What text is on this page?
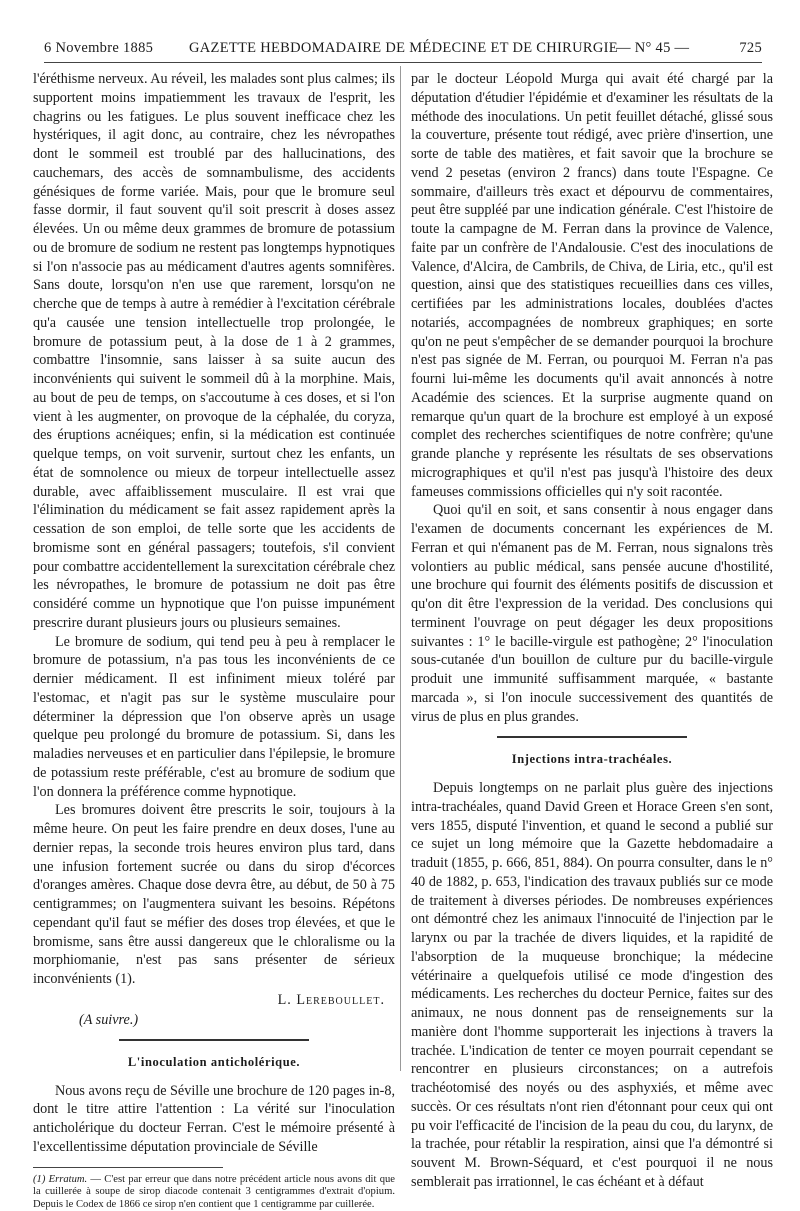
6 Novembre 1885 GAZETTE HEBDOMADAIRE DE MÉDECINE ET DE CHIRURGIE
— N° 45 —	725

l'éréthisme nerveux. Au réveil, les malades sont plus calmes; ils supportent moins impatiemment les travaux de l'esprit, les chagrins ou les fatigues. Le plus souvent inefficace chez les hystériques, il agit donc, au contraire, chez les névropathes dont le sommeil est troublé par des hallucinations, des cauchemars, des accès de somnambulisme, des accidents génésiques de forme variée. Mais, pour que le bromure seul fasse dormir, il faut souvent qu'il soit prescrit à doses assez élevées. Un ou même deux grammes de bromure de potassium ou de bromure de sodium ne restent pas longtemps hypnotiques si l'on n'associe pas au médicament d'autres agents somnifères. Sans doute, lorsqu'on n'en use que rarement, lorsqu'on ne cherche que de temps à autre à remédier à l'excitation cérébrale qu'a causée une tension intellectuelle trop prolongée, le bromure de potassium peut, à la dose de 1 à 2 grammes, combattre l'insomnie, sans laisser à sa suite aucun des inconvénients qui suivent le sommeil dû à la morphine. Mais, au bout de peu de temps, on s'accoutume à ces doses, et si l'on vient à les augmenter, on provoque de la céphalée, du coryza, des éruptions acnéiques; enfin, si la médication est continuée quelque temps, on voit survenir, surtout chez les enfants, un état de somnolence ou mieux de torpeur intellectuelle assez durable, avec affaiblissement musculaire. Il est vrai que l'élimination du médicament se fait assez rapidement après la cessation de son emploi, de telle sorte que les accidents de bromisme sont en général passagers; toutefois, s'il convient pour combattre accidentellement la surexcitation cérébrale chez les névropathes, le bromure de potassium ne doit pas être considéré comme un hypnotique que l'on puisse impunément prescrire durant plusieurs jours ou plusieurs semaines.

Le bromure de sodium, qui tend peu à peu à remplacer le bromure de potassium, n'a pas tous les inconvénients de ce dernier médicament. Il est infiniment mieux toléré par l'estomac, et n'agit pas sur le système musculaire pour déterminer la dépression que l'on observe après un usage quelque peu prolongé du bromure de potassium. Si, dans les maladies nerveuses et en particulier dans l'épilepsie, le bromure de potassium reste préférable, c'est au bromure de sodium que l'on donnera la préférence comme hypnotique.

Les bromures doivent être prescrits le soir, toujours à la même heure. On peut les faire prendre en deux doses, l'une au dernier repas, la seconde trois heures environ plus tard, dans une infusion fortement sucrée ou dans du sirop d'écorces d'oranges amères. Chaque dose devra être, au début, de 50 à 75 centigrammes; on l'augmentera suivant les besoins. Répétons cependant qu'il faut se méfier des doses trop élevées, et que le bromisme, sans être aussi dangereux que le chloralisme ou la morphiomanie, n'est pas sans présenter de sérieux inconvénients (1).

L. Lereboullet.
(A suivre.)
L'inoculation anticholérique.

Nous avons reçu de Séville une brochure de 120 pages in-8, dont le titre attire l'attention : La vérité sur l'inoculation anticholérique du docteur Ferran. C'est le mémoire présenté à l'excellentissime députation provinciale de Séville

(1) Erratum. — C'est par erreur que dans notre précédent article nous avons dit que la cuillerée à soupe de sirop diacode contenait 3 centigrammes d'extrait d'opium. Depuis le Codex de 1866 ce sirop n'en contient que 1 centigramme par cuillerée.

par le docteur Léopold Murga qui avait été chargé par la députation d'étudier l'épidémie et d'examiner les résultats de la méthode des inoculations. Un petit feuillet détaché, glissé sous la couverture, présente tout rédigé, avec prière d'insertion, une sorte de table des matières, et fait savoir que la brochure se vend 2 pesetas (environ 2 francs) dans toute l'Espagne. Ce sommaire, d'ailleurs très exact et dépourvu de commentaires, peut être suppléé par une indication générale. C'est l'histoire de toute la campagne de M. Ferran dans la province de Valence, faite par un confrère de l'Andalousie. C'est des inoculations de Valence, d'Alcira, de Cambrils, de Chiva, de Liria, etc., qu'il est question, ainsi que des statistiques recueillies dans ces villes, certifiées par les administrations locales, doublées d'actes notariés, accompagnées de nombreux graphiques; en sorte qu'on ne peut s'empêcher de se demander pourquoi la brochure n'est pas signée de M. Ferran, ou pourquoi M. Ferran n'a pas fourni lui-même les documents qu'il avait annoncés à notre Académie des sciences. Et la surprise augmente quand on remarque qu'un quart de la brochure est employé à un exposé complet des recherches scientifiques de notre confrère; qu'une grande planche y représente les résultats de ses observations micrographiques et qu'il n'est pas jusqu'à l'histoire des deux fameuses commissions officielles qui n'y soit racontée.

Quoi qu'il en soit, et sans consentir à nous engager dans l'examen de documents concernant les expériences de M. Ferran et qui n'émanent pas de M. Ferran, nous signalons très volontiers au public médical, sans pensée aucune d'hostilité, une brochure qui fournit des éléments positifs de discussion et qu'on dit être l'expression de la veridad. Des conclusions qui terminent l'ouvrage on peut dégager les deux propositions suivantes : 1° le bacille-virgule est pathogène; 2° l'inoculation sous-cutanée d'un bouillon de culture pur du bacille-virgule produit une immunité suffisamment marquée, « bastante marcada », si l'on inocule successivement des quantités de virus de plus en plus grandes.

Injections intra-trachéales.

Depuis longtemps on ne parlait plus guère des injections intra-trachéales, quand David Green et Horace Green s'en sont, vers 1855, disputé l'invention, et quand le second a publié sur ce sujet un long mémoire que la Gazette hebdomadaire a traduit (1855, p. 666, 851, 884). On pourra consulter, dans le n° 40 de 1882, p. 653, l'indication des travaux publiés sur ce mode de traitement à diverses périodes. De nombreuses expériences ont démontré chez les animaux l'innocuité de l'injection par le larynx ou par la trachée de divers liquides, et la rapidité de l'absorption de la muqueuse bronchique; la médecine vétérinaire a quelquefois utilisé ce mode d'ingestion des médicaments. Les recherches du docteur Pernice, faites sur des animaux, ne nous donnent pas de renseignements sur la manière dont l'homme supporterait les injections à travers la trachée. L'indication de tenter ce moyen pourrait cependant se rencontrer en plusieurs circonstances; on a autrefois trachéotomisé des noyés ou des asphyxiés, et même avec succès. Or ces résultats n'ont rien d'étonnant pour ceux qui ont pu voir l'efficacité de l'incision de la peau du cou, du larynx, de la trachée, pour rétablir la respiration, ainsi que l'a démontré si souvent M. Brown-Séquard, et c'est pourquoi il ne nous semblerait pas irrationnel, le cas échéant et à défaut
